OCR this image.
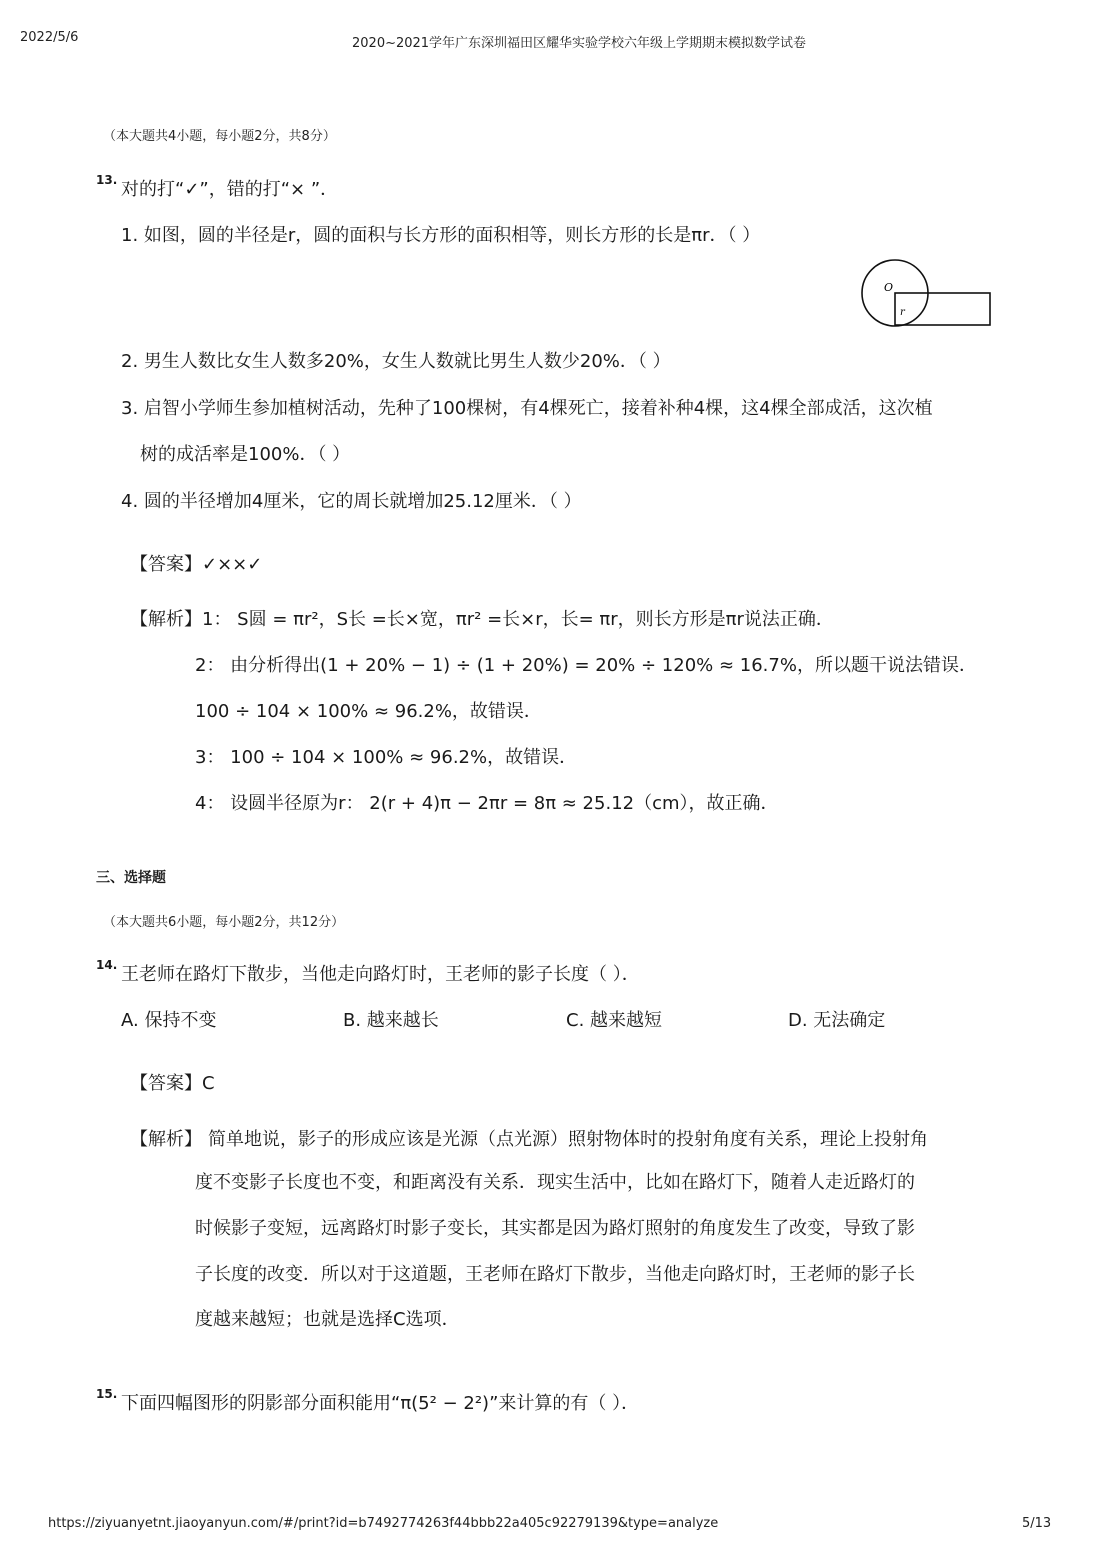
2022/5/6	2020~2021学年广东深圳福田区耀华实验学校六年级上学期期末模拟数学试卷
（本大题共4小题，每小题2分，共8分）
13. 对的打“✓”，错的打“× ”．
1. 如图，圆的半径是r，圆的面积与长方形的面积相等，则长方形的长是πr．（ ）
O
r
2. 男生人数比女生人数多20%，女生人数就比男生人数少20%．（ ）
3. 启智小学师生参加植树活动，先种了100棵树，有4棵死亡，接着补种4棵，这4棵全部成活，这次植
树的成活率是100%．（ ）
4. 圆的半径增加4厘米，它的周长就增加25.12厘米．（ ）
【答案】✓××✓
【解析】1： S圆 = πr²，S长 =长×宽，πr² =长×r，长= πr，则长方形是πr说法正确．
2： 由分析得出(1 + 20% − 1) ÷ (1 + 20%) = 20% ÷ 120% ≈ 16.7%，所以题干说法错误．
100 ÷ 104 × 100% ≈ 96.2%，故错误．
3： 100 ÷ 104 × 100% ≈ 96.2%，故错误．
4： 设圆半径原为r： 2(r + 4)π − 2πr = 8π ≈ 25.12（cm），故正确．
三、选择题
（本大题共6小题，每小题2分，共12分）
14. 王老师在路灯下散步，当他走向路灯时，王老师的影子长度（ ）．
A. 保持不变	B. 越来越长	C. 越来越短	D. 无法确定
【答案】C
【解析】 简单地说，影子的形成应该是光源（点光源）照射物体时的投射角度有关系，理论上投射角
度不变影子长度也不变，和距离没有关系．现实生活中，比如在路灯下，随着人走近路灯的
时候影子变短，远离路灯时影子变长，其实都是因为路灯照射的角度发生了改变，导致了影
子长度的改变．所以对于这道题，王老师在路灯下散步，当他走向路灯时，王老师的影子长
度越来越短；也就是选择C选项．
15. 下面四幅图形的阴影部分面积能用“π(5² − 2²)”来计算的有（ ）．
https://ziyuanyetnt.jiaoyanyun.com/#/print?id=b7492774263f44bbb22a405c92279139&type=analyze	5/13
